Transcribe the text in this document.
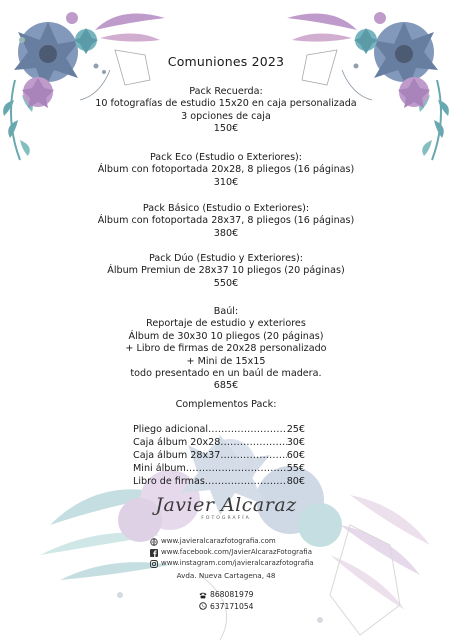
Comuniones 2023
Pack Recuerda:
10 fotografías de estudio 15x20 en caja personalizada
3 opciones de caja
150€
Pack Eco (Estudio o Exteriores):
Álbum con fotoportada 20x28, 8 pliegos (16 páginas)
310€
Pack Básico (Estudio o Exteriores):
Álbum con fotoportada 28x37, 8 pliegos (16 páginas)
380€
Pack Dúo (Estudio y Exteriores):
Álbum Premiun de 28x37 10 pliegos (20 páginas)
550€
Baúl:
Reportaje de estudio y exteriores
Álbum de 30x30 10 pliegos (20 páginas)
+ Libro de firmas de 20x28 personalizado
+ Mini de 15x15
todo presentado en un baúl de madera.
685€
Complementos Pack:
Pliego adicional .....	25€
Caja álbum 20x28 .....	30€
Caja álbum 28x37 .....	60€
Mini álbum .....	55€
Libro de firmas .....	80€
Javier Alcaraz
FOTOGRAFÍA
www.javieralcarazfotografia.com
www.facebook.com/JavierAlcarazFotografia
www.instagram.com/javieralcarazfotografia
Avda. Nueva Cartagena, 48
868081979
637171054
